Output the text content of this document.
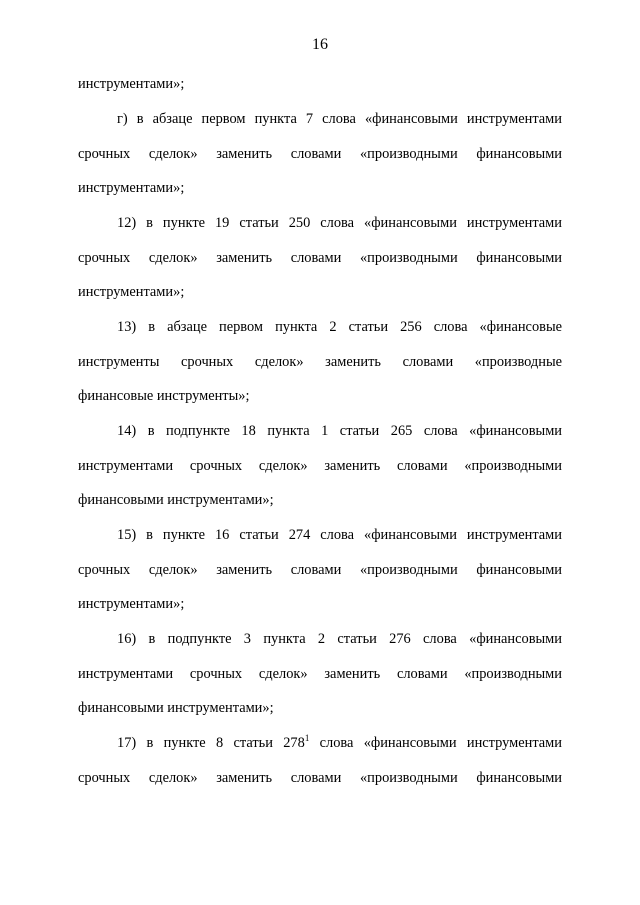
16
инструментами»;
г) в абзаце первом пункта 7 слова «финансовыми инструментами
срочных сделок» заменить словами «производными финансовыми
инструментами»;
12) в пункте 19 статьи 250 слова «финансовыми инструментами
срочных сделок» заменить словами «производными финансовыми
инструментами»;
13) в абзаце первом пункта 2 статьи 256 слова «финансовые
инструменты срочных сделок» заменить словами «производные
финансовые инструменты»;
14) в подпункте 18 пункта 1 статьи 265 слова «финансовыми
инструментами срочных сделок» заменить словами «производными
финансовыми инструментами»;
15) в пункте 16 статьи 274 слова «финансовыми инструментами
срочных сделок» заменить словами «производными финансовыми
инструментами»;
16) в подпункте 3 пункта 2 статьи 276 слова «финансовыми
инструментами срочных сделок» заменить словами «производными
финансовыми инструментами»;
17) в пункте 8 статьи $278^1$ слова «финансовыми инструментами
срочных сделок» заменить словами «производными финансовыми
